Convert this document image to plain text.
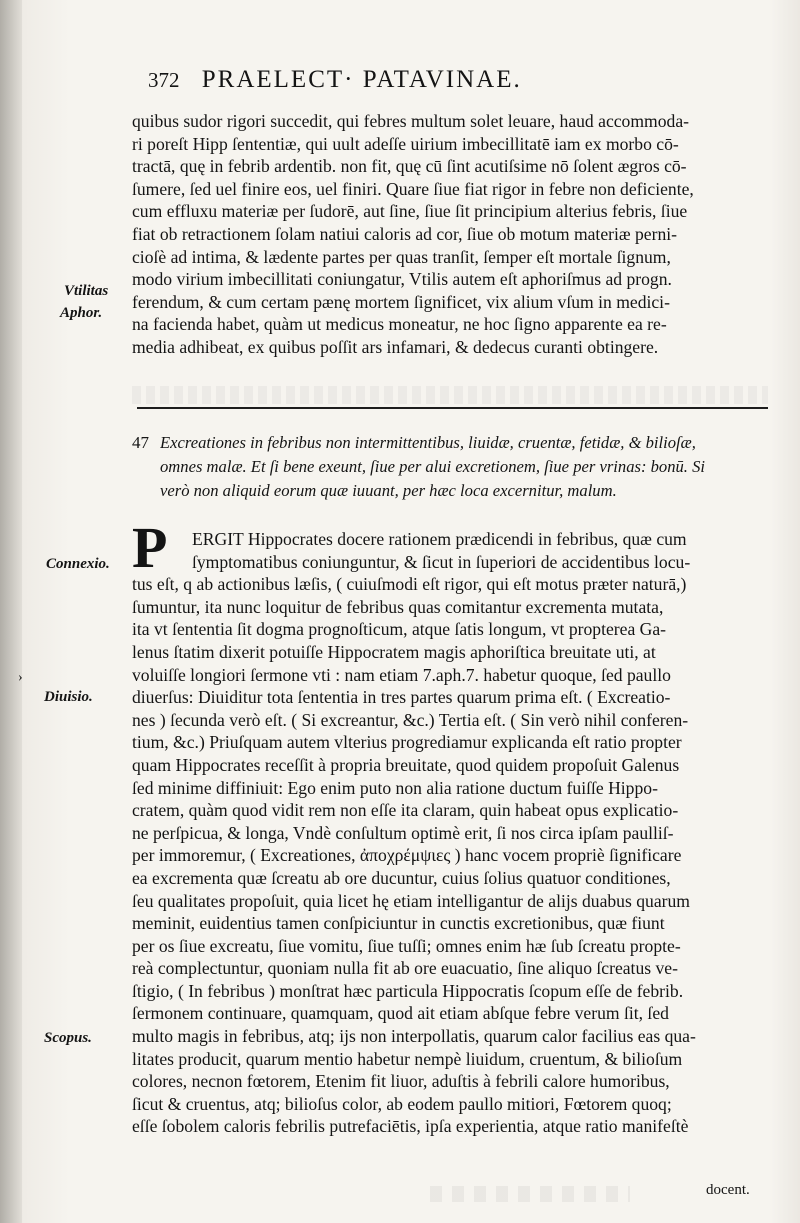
372 PRAELECT· PATAVINAE.
quibus sudor rigori succedit, qui febres multum solet leuare, haud accommoda-
ri poreſt Hipp ſententiæ, qui uult adeſſe uirium imbecillitatē iam ex morbo cō-
tractā, quę in febrib ardentib. non fit, quę cū ſint acutiſsime nō ſolent ægros cō-
ſumere, ſed uel finire eos, uel finiri. Quare ſiue fiat rigor in febre non deficiente,
cum effluxu materiæ per ſudorē, aut ſine, ſiue ſit principium alterius febris, ſiue
fiat ob retractionem ſolam natiui caloris ad cor, ſiue ob motum materiæ perni-
cioſè ad intima, & lædente partes per quas tranſit, ſemper eſt mortale ſignum,
modo virium imbecillitati coniungatur, Vtilis autem eſt aphoriſmus ad progn.
ferendum, & cum certam pænę mortem ſignificet, vix alium vſum in medici-
na facienda habet, quàm ut medicus moneatur, ne hoc ſigno apparente ea re-
media adhibeat, ex quibus poſſit ars infamari, & dedecus curanti obtingere.
Vtilitas
Aphor.
47 Excreationes in febribus non intermittentibus, liuidæ, cruentæ, fetidæ, & bilioſæ,
omnes malæ. Et ſi bene exeunt, ſiue per alui excretionem, ſiue per vrinas: bonū. Si
verò non aliquid eorum quæ iuuant, per hæc loca excernitur, malum.
P
Connexio.
›
Diuisio.
Scopus.
ERGIT Hippocrates docere rationem prædicendi in febribus, quæ cum
ſymptomatibus coniunguntur, & ſicut in ſuperiori de accidentibus locu-
tus eſt, q ab actionibus læſis, ( cuiuſmodi eſt rigor, qui eſt motus præter naturā,)
ſumuntur, ita nunc loquitur de febribus quas comitantur excrementa mutata,
ita vt ſententia ſit dogma prognoſticum, atque ſatis longum, vt propterea Ga-
lenus ſtatim dixerit potuiſſe Hippocratem magis aphoriſtica breuitate uti, at
voluiſſe longiori ſermone vti : nam etiam 7.aph.7. habetur quoque, ſed paullo
diuerſus: Diuiditur tota ſententia in tres partes quarum prima eſt. ( Excreatio-
nes ) ſecunda verò eſt. ( Si excreantur, &c.) Tertia eſt. ( Sin verò nihil conferen-
tium, &c.) Priuſquam autem vlterius progrediamur explicanda eſt ratio propter
quam Hippocrates receſſit à propria breuitate, quod quidem propoſuit Galenus
ſed minime diffiniuit: Ego enim puto non alia ratione ductum fuiſſe Hippo-
cratem, quàm quod vidit rem non eſſe ita claram, quin habeat opus explicatio-
ne perſpicua, & longa, Vndè conſultum optimè erit, ſi nos circa ipſam paulliſ-
per immoremur, ( Excreationes, ἀποχρέμψιες ) hanc vocem propriè ſignificare
ea excrementa quæ ſcreatu ab ore ducuntur, cuius ſolius quatuor conditiones,
ſeu qualitates propoſuit, quia licet hę etiam intelligantur de alijs duabus quarum
meminit, euidentius tamen conſpiciuntur in cunctis excretionibus, quæ fiunt
per os ſiue excreatu, ſiue vomitu, ſiue tuſſi; omnes enim hæ ſub ſcreatu propte-
reà complectuntur, quoniam nulla fit ab ore euacuatio, ſine aliquo ſcreatus ve-
ſtigio, ( In febribus ) monſtrat hæc particula Hippocratis ſcopum eſſe de febrib.
ſermonem continuare, quamquam, quod ait etiam abſque febre verum ſit, ſed
multo magis in febribus, atq; ijs non interpollatis, quarum calor facilius eas qua-
litates producit, quarum mentio habetur nempè liuidum, cruentum, & bilioſum
colores, necnon fœtorem, Etenim fit liuor, aduſtis à febrili calore humoribus,
ſicut & cruentus, atq; bilioſus color, ab eodem paullo mitiori, Fœtorem quoq;
eſſe ſobolem caloris febrilis putrefaciētis, ipſa experientia, atque ratio manifeſtè
docent.
